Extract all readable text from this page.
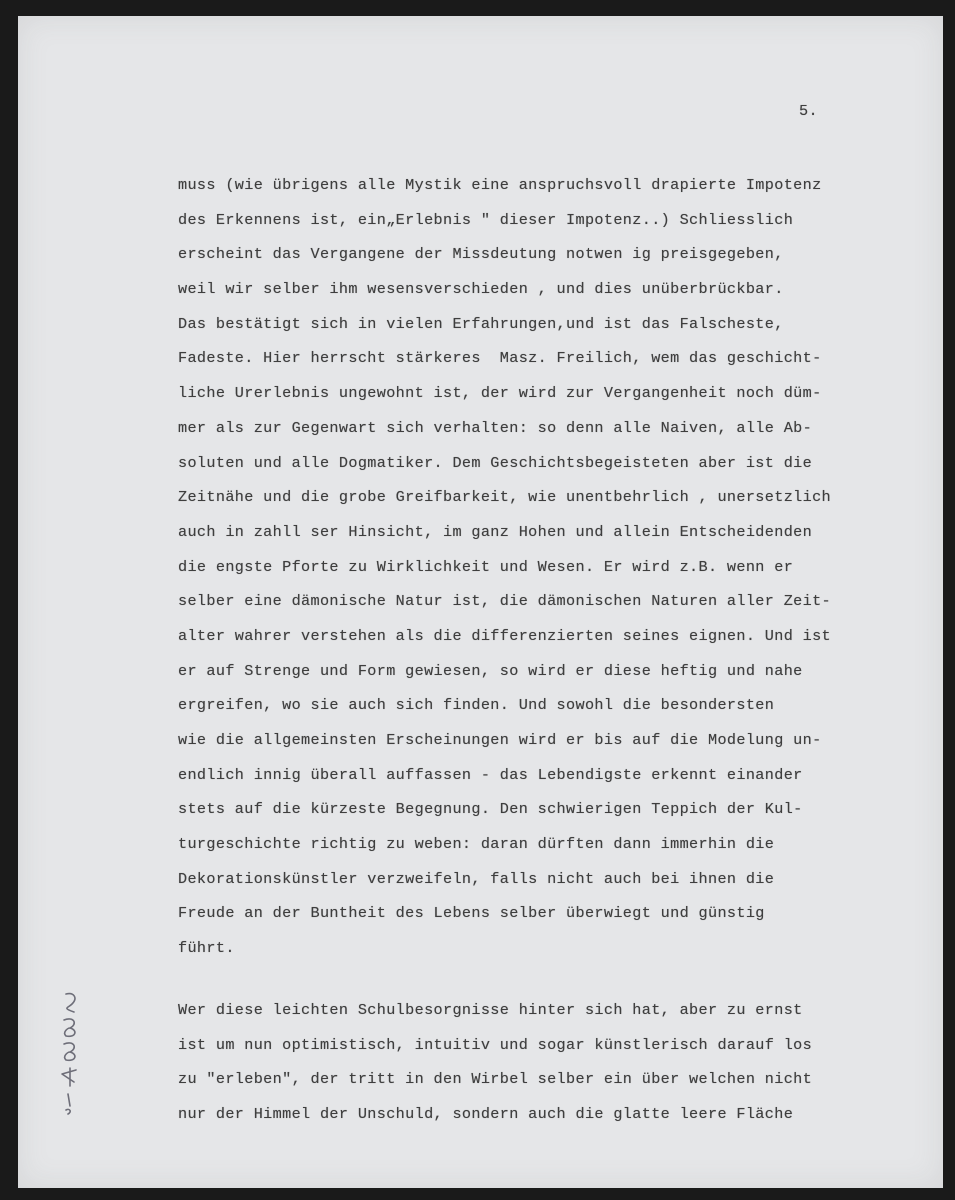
5.
muss (wie übrigens alle Mystik eine anspruchsvoll drapierte Impotenz
des Erkennens ist, ein„Erlebnis " dieser Impotenz..) Schliesslich
erscheint das Vergangene der Missdeutung notwen ig preisgegeben,
weil wir selber ihm wesensverschieden , und dies unüberbrückbar.
Das bestätigt sich in vielen Erfahrungen,und ist das Falscheste,
Fadeste. Hier herrscht stärkeres  Masz. Freilich, wem das geschicht-
liche Urerlebnis ungewohnt ist, der wird zur Vergangenheit noch düm-
mer als zur Gegenwart sich verhalten: so denn alle Naiven, alle Ab-
soluten und alle Dogmatiker. Dem Geschichtsbegeisteten aber ist die
Zeitnähe und die grobe Greifbarkeit, wie unentbehrlich , unersetzlich
auch in zahll ser Hinsicht, im ganz Hohen und allein Entscheidenden
die engste Pforte zu Wirklichkeit und Wesen. Er wird z.B. wenn er
selber eine dämonische Natur ist, die dämonischen Naturen aller Zeit-
alter wahrer verstehen als die differenzierten seines eignen. Und ist
er auf Strenge und Form gewiesen, so wird er diese heftig und nahe
ergreifen, wo sie auch sich finden. Und sowohl die besondersten
wie die allgemeinsten Erscheinungen wird er bis auf die Modelung un-
endlich innig überall auffassen - das Lebendigste erkennt einander
stets auf die kürzeste Begegnung. Den schwierigen Teppich der Kul-
turgeschichte richtig zu weben: daran dürften dann immerhin die
Dekorationskünstler verzweifeln, falls nicht auch bei ihnen die
Freude an der Buntheit des Lebens selber überwiegt und günstig
führt.
Wer diese leichten Schulbesorgnisse hinter sich hat, aber zu ernst
ist um nun optimistisch, intuitiv und sogar künstlerisch darauf los
zu "erleben", der tritt in den Wirbel selber ein über welchen nicht
nur der Himmel der Unschuld, sondern auch die glatte leere Fläche
